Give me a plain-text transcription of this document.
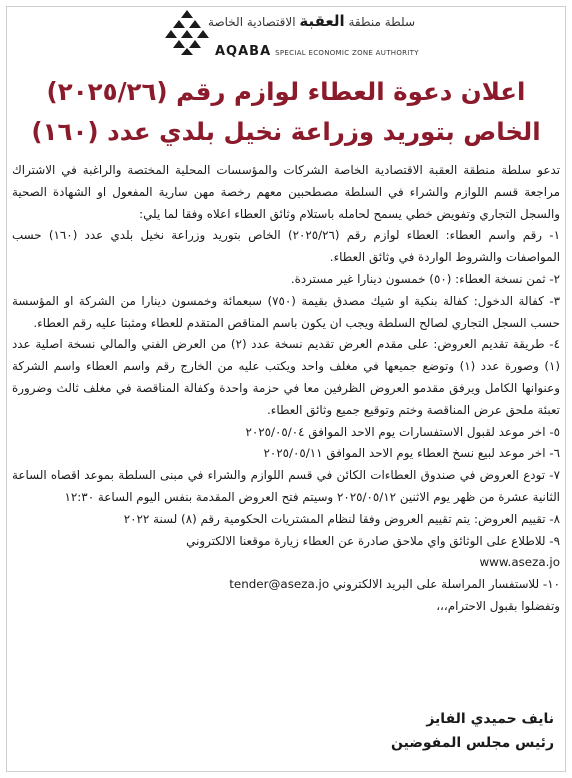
سلطة منطقة العقبة الاقتصادية الخاصة
AQABA SPECIAL ECONOMIC ZONE AUTHORITY
اعلان دعوة العطاء لوازم رقم (٢٠٢٥/٢٦)
الخاص بتوريد وزراعة نخيل بلدي عدد (١٦٠)

تدعو سلطة منطقة العقبة الاقتصادية الخاصة الشركات والمؤسسات المحلية المختصة والراغبة في الاشتراك مراجعة قسم اللوازم والشراء في السلطة مصطحبين معهم رخصة مهن سارية المفعول او الشهادة الصحية والسجل التجاري وتفويض خطي يسمح لحامله باستلام وثائق العطاء اعلاه وفقا لما يلي:

١- رقم واسم العطاء: العطاء لوازم رقم (٢٠٢٥/٢٦) الخاص بتوريد وزراعة نخيل بلدي عدد (١٦٠) حسب المواصفات والشروط الواردة في وثائق العطاء.

٢- ثمن نسخة العطاء: (٥٠) خمسون دينارا غير مستردة.

٣- كفالة الدخول: كفالة بنكية او شيك مصدق بقيمة (٧٥٠) سبعمائة وخمسون دينارا من الشركة او المؤسسة حسب السجل التجاري لصالح السلطة ويجب ان يكون باسم المناقص المتقدم للعطاء ومثبتا عليه رقم العطاء.

٤- طريقة تقديم العروض: على مقدم العرض تقديم نسخة عدد (٢) من العرض الفني والمالي نسخة اصلية عدد (١) وصورة عدد (١) وتوضع جميعها في مغلف واحد ويكتب عليه من الخارج رقم واسم العطاء واسم الشركة وعنوانها الكامل ويرفق مقدمو العروض الظرفين معا في حزمة واحدة وكفالة المناقصة في مغلف ثالث وضرورة تعبئة ملحق عرض المناقصة وختم وتوقيع جميع وثائق العطاء.

٥- اخر موعد لقبول الاستفسارات يوم الاحد الموافق ٢٠٢٥/٠٥/٠٤

٦- اخر موعد لبيع نسخ العطاء يوم الاحد الموافق ٢٠٢٥/٠٥/١١

٧- تودع العروض في صندوق العطاءات الكائن في قسم اللوازم والشراء في مبنى السلطة بموعد اقصاه الساعة الثانية عشرة من ظهر يوم الاثنين ٢٠٢٥/٠٥/١٢ وسيتم فتح العروض المقدمة بنفس اليوم الساعة ١٢:٣٠

٨- تقييم العروض: يتم تقييم العروض وفقا لنظام المشتريات الحكومية رقم (٨) لسنة ٢٠٢٢

٩- للاطلاع على الوثائق واي ملاحق صادرة عن العطاء زيارة موقعنا الالكتروني
www.aseza.jo

١٠- للاستفسار المراسلة على البريد الالكتروني tender@aseza.jo

وتفضلوا بقبول الاحترام،،،

نايف حميدي الفايز
رئيس مجلس المفوضين
